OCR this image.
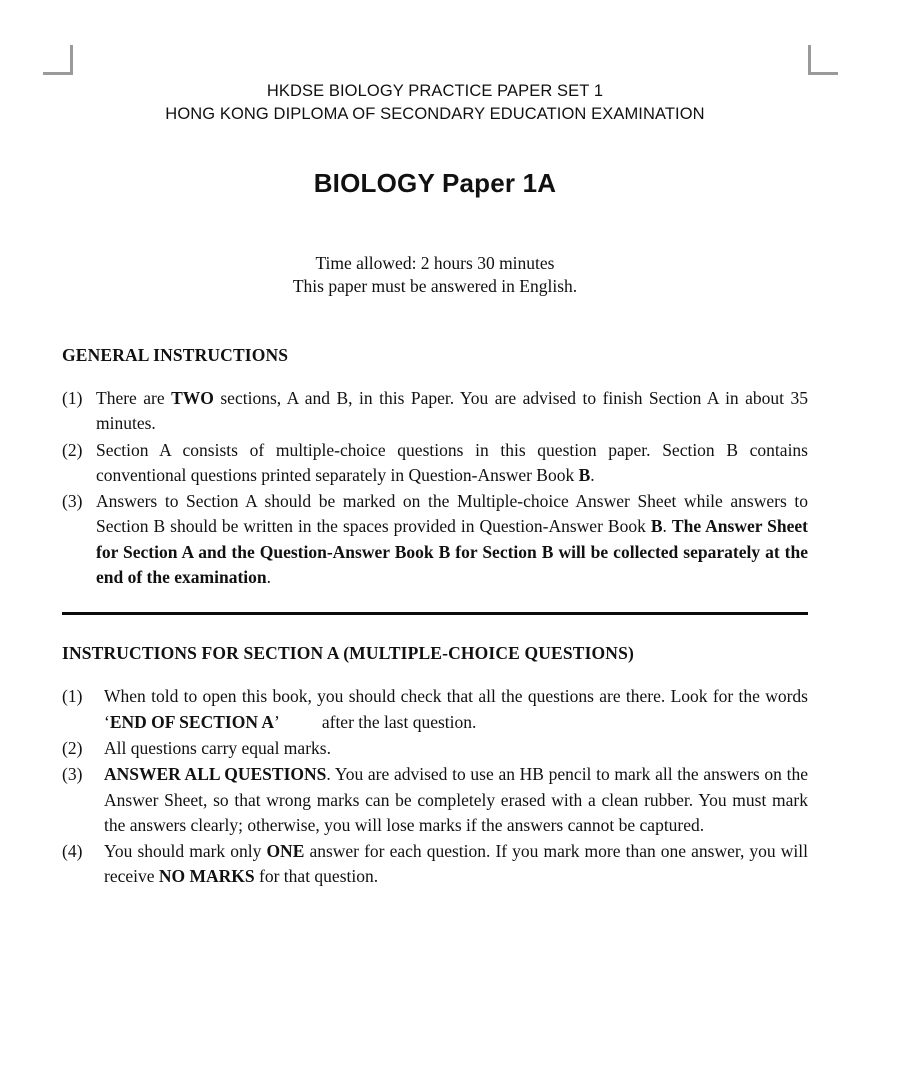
HKDSE BIOLOGY PRACTICE PAPER SET 1
HONG KONG DIPLOMA OF SECONDARY EDUCATION EXAMINATION
BIOLOGY Paper 1A
Time allowed: 2 hours 30 minutes
This paper must be answered in English.
GENERAL INSTRUCTIONS
(1) There are TWO sections, A and B, in this Paper. You are advised to finish Section A in about 35 minutes.
(2) Section A consists of multiple-choice questions in this question paper. Section B contains conventional questions printed separately in Question-Answer Book B.
(3) Answers to Section A should be marked on the Multiple-choice Answer Sheet while answers to Section B should be written in the spaces provided in Question-Answer Book B. The Answer Sheet for Section A and the Question-Answer Book B for Section B will be collected separately at the end of the examination.
INSTRUCTIONS FOR SECTION A (MULTIPLE-CHOICE QUESTIONS)
(1) When told to open this book, you should check that all the questions are there. Look for the words ‘END OF SECTION A’ after the last question.
(2) All questions carry equal marks.
(3) ANSWER ALL QUESTIONS. You are advised to use an HB pencil to mark all the answers on the Answer Sheet, so that wrong marks can be completely erased with a clean rubber. You must mark the answers clearly; otherwise, you will lose marks if the answers cannot be captured.
(4) You should mark only ONE answer for each question. If you mark more than one answer, you will receive NO MARKS for that question.
